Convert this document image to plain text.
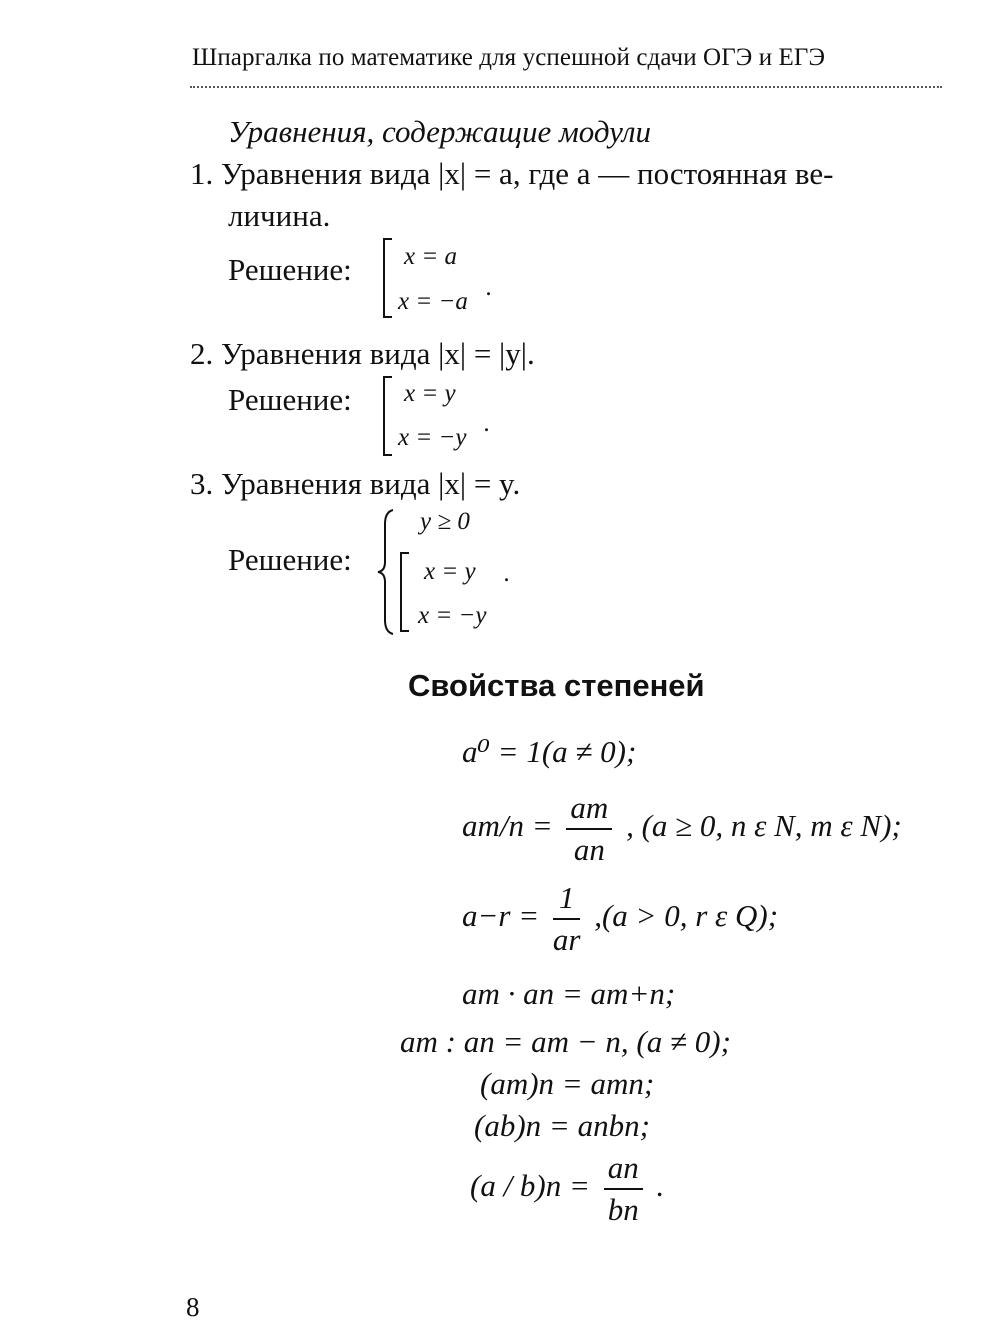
Шпаргалка по математике для успешной сдачи ОГЭ и ЕГЭ
Уравнения, содержащие модули
1. Уравнения вида |x| = a, где a — постоянная ве-
личина.
Решение: x = a
x = −a
.
2. Уравнения вида |x| = |y|.
Решение: x = y
x = −y
.
3. Уравнения вида |x| = y.
Решение:
y ≥ 0
x = y
x = −y
.
Свойства степеней
a⁰ = 1(a ≠ 0);
$am/n = \frac{am}{an}$ , (a ≥ 0, n ε N, m ε N);
$a-r = \frac{1}{ar} ,(a > 0$, r ε Q);
am · an = am+n;
am : an = am − n, (a ≠ 0);
(am)n = amn;
(ab)n = anbn;
$(a / b)n = \frac{an}{bn}$ .
8
